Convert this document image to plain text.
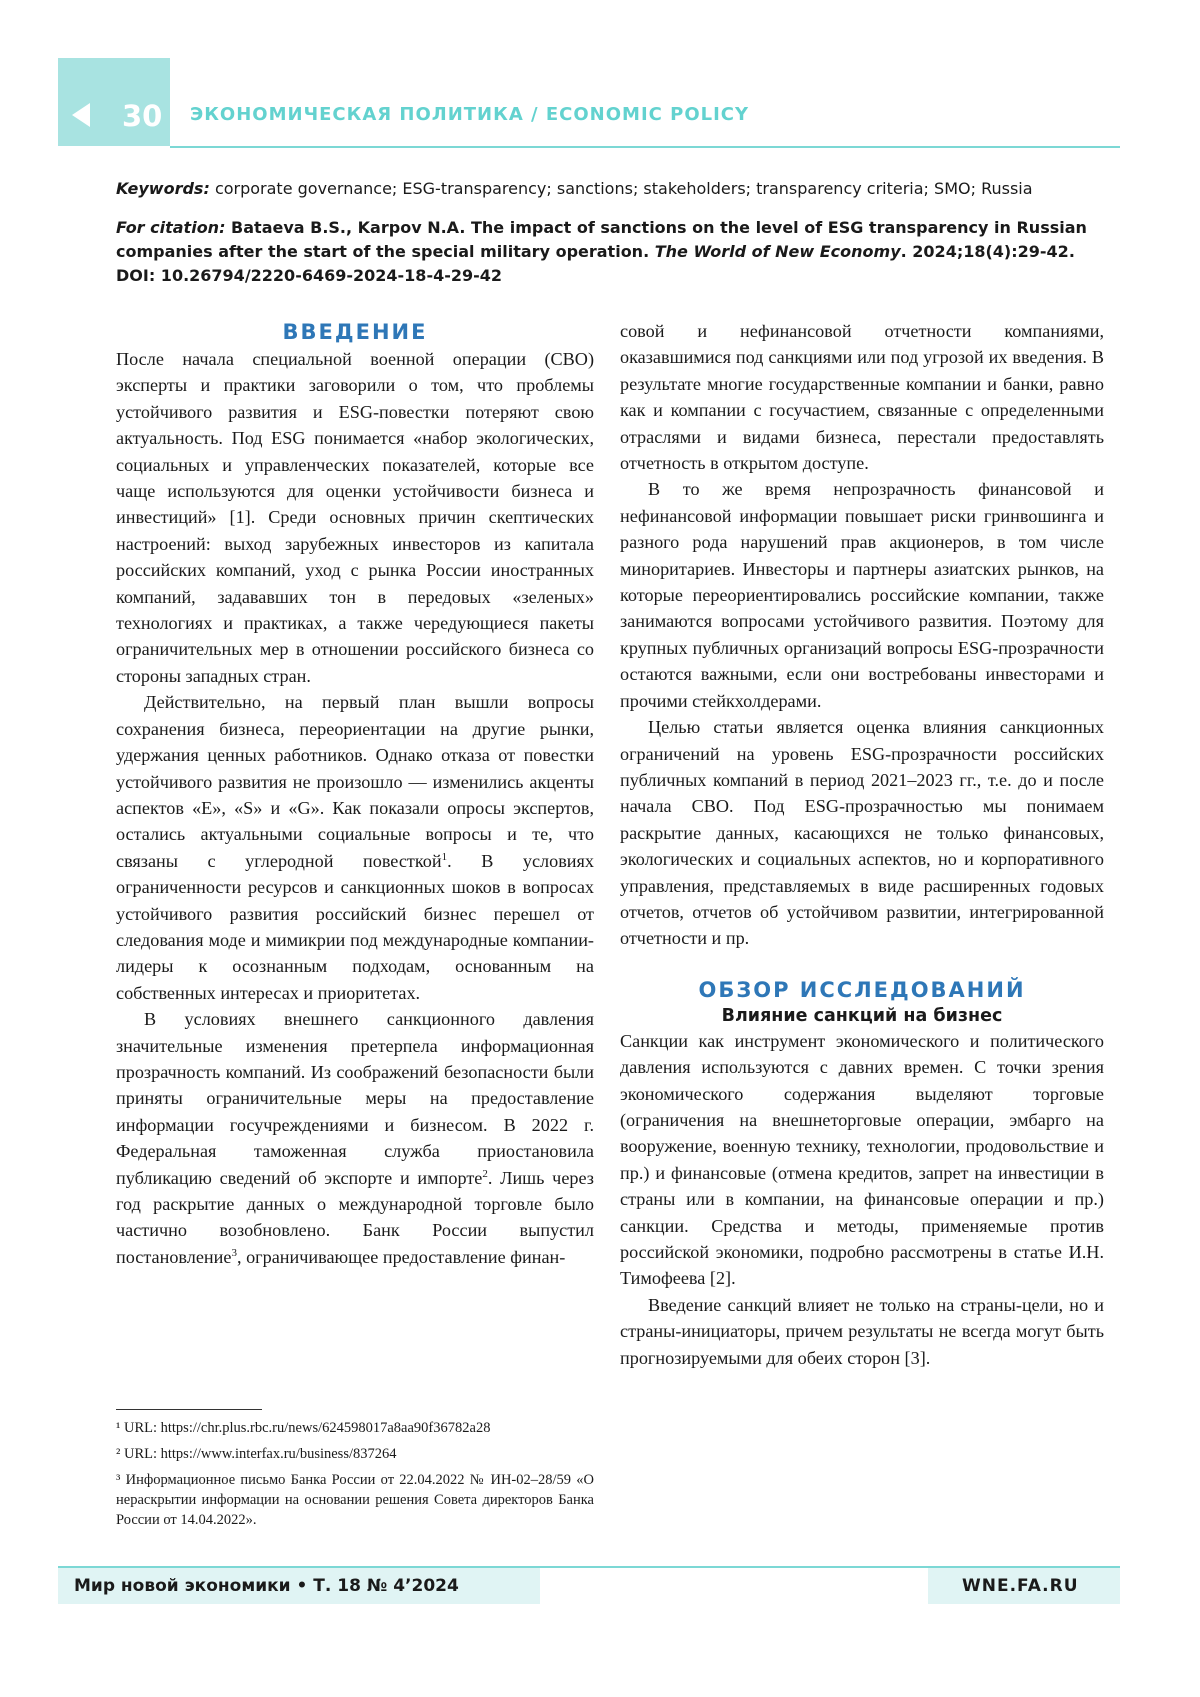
30 ЭКОНОМИЧЕСКАЯ ПОЛИТИКА / ECONOMIC POLICY
Keywords: corporate governance; ESG-transparency; sanctions; stakeholders; transparency criteria; SMO; Russia
For citation: Bataeva B.S., Karpov N.A. The impact of sanctions on the level of ESG transparency in Russian companies after the start of the special military operation. The World of New Economy. 2024;18(4):29-42. DOI: 10.26794/2220-6469-2024-18-4-29-42
ВВЕДЕНИЕ

После начала специальной военной операции (СВО) эксперты и практики заговорили о том, что проблемы устойчивого развития и ESG-повестки потеряют свою актуальность. Под ESG понимается «набор экологических, социальных и управленческих показателей, которые все чаще используются для оценки устойчивости бизнеса и инвестиций» [1]. Среди основных причин скептических настроений: выход зарубежных инвесторов из капитала российских компаний, уход с рынка России иностранных компаний, задававших тон в передовых «зеленых» технологиях и практиках, а также чередующиеся пакеты ограничительных мер в отношении российского бизнеса со стороны западных стран.

Действительно, на первый план вышли вопросы сохранения бизнеса, переориентации на другие рынки, удержания ценных работников. Однако отказа от повестки устойчивого развития не произошло — изменились акценты аспектов «E», «S» и «G». Как показали опросы экспертов, остались актуальными социальные вопросы и те, что связаны с углеродной повесткой$^1$. В условиях ограниченности ресурсов и санкционных шоков в вопросах устойчивого развития российский бизнес перешел от следования моде и мимикрии под международные компании-лидеры к осознанным подходам, основанным на собственных интересах и приоритетах.

В условиях внешнего санкционного давления значительные изменения претерпела информационная прозрачность компаний. Из соображений безопасности были приняты ограничительные меры на предоставление информации госучреждениями и бизнесом. В 2022 г. Федеральная таможенная служба приостановила публикацию сведений об экспорте и импорте$^2$. Лишь через год раскрытие данных о международной торговле было частично возобновлено. Банк России выпустил постановление$^3$, ограничивающее предоставление финан-

¹ URL: https://chr.plus.rbc.ru/news/624598017a8aa90f36782a28
² URL: https://www.interfax.ru/business/837264
³ Информационное письмо Банка России от 22.04.2022 № ИН-02–28/59 «О нераскрытии информации на основании решения Совета директоров Банка России от 14.04.2022».

совой и нефинансовой отчетности компаниями, оказавшимися под санкциями или под угрозой их введения. В результате многие государственные компании и банки, равно как и компании с госучастием, связанные с определенными отраслями и видами бизнеса, перестали предоставлять отчетность в открытом доступе.

В то же время непрозрачность финансовой и нефинансовой информации повышает риски гринвошинга и разного рода нарушений прав акционеров, в том числе миноритариев. Инвесторы и партнеры азиатских рынков, на которые переориентировались российские компании, также занимаются вопросами устойчивого развития. Поэтому для крупных публичных организаций вопросы ESG-прозрачности остаются важными, если они востребованы инвесторами и прочими стейкхолдерами.

Целью статьи является оценка влияния санкционных ограничений на уровень ESG-прозрачности российских публичных компаний в период 2021–2023 гг., т.е. до и после начала СВО. Под ESG-прозрачностью мы понимаем раскрытие данных, касающихся не только финансовых, экологических и социальных аспектов, но и корпоративного управления, представляемых в виде расширенных годовых отчетов, отчетов об устойчивом развитии, интегрированной отчетности и пр.

ОБЗОР ИССЛЕДОВАНИЙ
Влияние санкций на бизнес

Санкции как инструмент экономического и политического давления используются с давних времен. С точки зрения экономического содержания выделяют торговые (ограничения на внешнеторговые операции, эмбарго на вооружение, военную технику, технологии, продовольствие и пр.) и финансовые (отмена кредитов, запрет на инвестиции в страны или в компании, на финансовые операции и пр.) санкции. Средства и методы, применяемые против российской экономики, подробно рассмотрены в статье И.Н. Тимофеева [2].

Введение санкций влияет не только на страны-цели, но и страны-инициаторы, причем результаты не всегда могут быть прогнозируемыми для обеих сторон [3].

Мир новой экономики • Т. 18 № 4’2024	WNE.FA.RU
